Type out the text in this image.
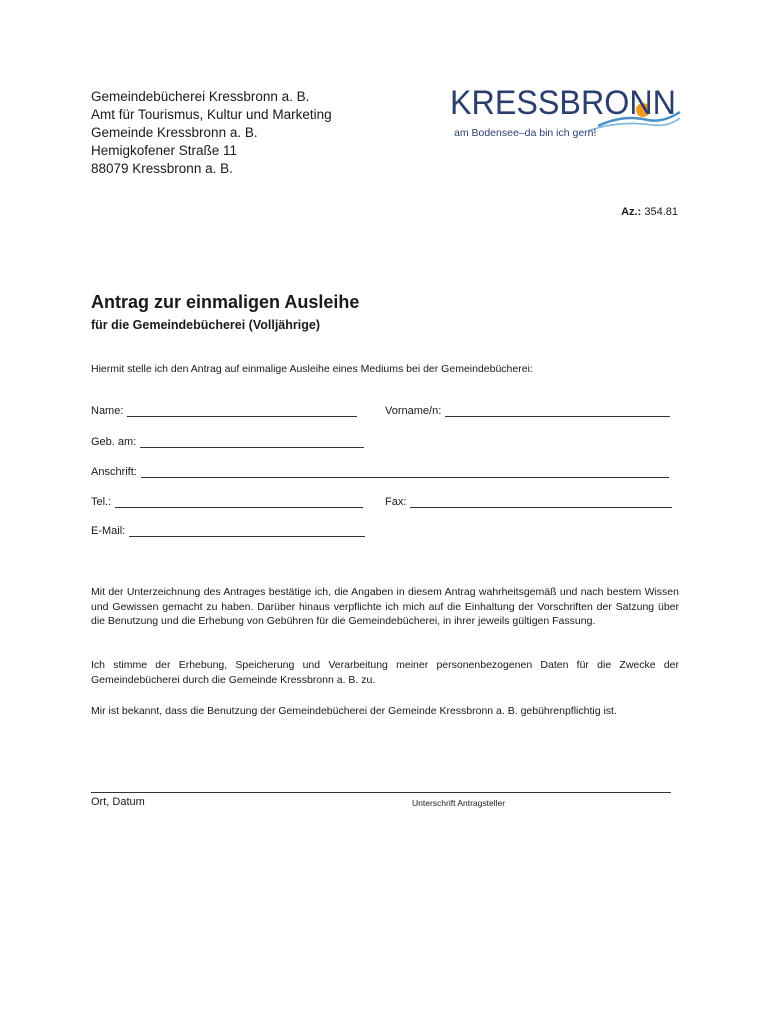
Gemeindebücherei Kressbronn a. B.
Amt für Tourismus, Kultur und Marketing
Gemeinde Kressbronn a. B.
Hemigkofener Straße 11
88079 Kressbronn a. B.
KRESSBRONN
am Bodensee–da bin ich gern!
Az.: 354.81
Antrag zur einmaligen Ausleihe
für die Gemeindebücherei (Volljährige)
Hiermit stelle ich den Antrag auf einmalige Ausleihe eines Mediums bei der Gemeindebücherei:
Name:	Vorname/n:
Geb. am:
Anschrift:
Tel.:	Fax:
E-Mail:
Mit der Unterzeichnung des Antrages bestätige ich, die Angaben in diesem Antrag wahrheitsgemäß und nach bestem Wissen und Gewissen gemacht zu haben. Darüber hinaus verpflichte ich mich auf die Einhaltung der Vorschriften der Satzung über die Benutzung und die Erhebung von Gebühren für die Gemeindebücherei, in ihrer jeweils gültigen Fassung.
Ich stimme der Erhebung, Speicherung und Verarbeitung meiner personenbezogenen Daten für die Zwecke der Gemeindebücherei durch die Gemeinde Kressbronn a. B. zu.
Mir ist bekannt, dass die Benutzung der Gemeindebücherei der Gemeinde Kressbronn a. B. gebührenpflichtig ist.
Ort, Datum	Unterschrift Antragsteller
